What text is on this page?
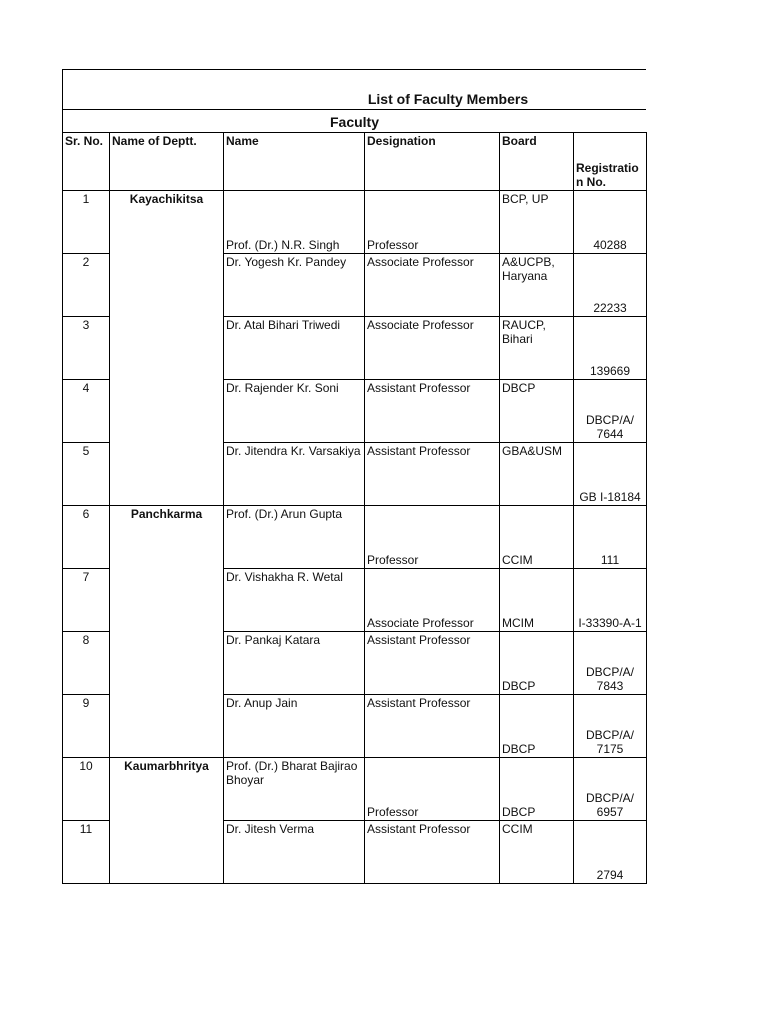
List of Faculty Members
Faculty
Sr. No.	Name of Deptt.	Name	Designation	Board	Registratio n No.
1	Kayachikitsa	Prof. (Dr.) N.R. Singh	Professor	BCP, UP	40288
2		Dr. Yogesh Kr. Pandey	Associate Professor	A&UCPB, Haryana	22233
3		Dr. Atal Bihari Triwedi	Associate Professor	RAUCP, Bihari	139669
4		Dr. Rajender Kr. Soni	Assistant Professor	DBCP	DBCP/A/ 7644
5		Dr. Jitendra Kr. Varsakiya	Assistant Professor	GBA&USM	GB I-18184
6	Panchkarma	Prof. (Dr.) Arun Gupta	Professor	CCIM	111
7		Dr. Vishakha R. Wetal	Associate Professor	MCIM	I-33390-A-1
8		Dr. Pankaj Katara	Assistant Professor	DBCP	DBCP/A/ 7843
9		Dr. Anup Jain	Assistant Professor	DBCP	DBCP/A/ 7175
10	Kaumarbhritya	Prof. (Dr.) Bharat Bajirao Bhoyar	Professor	DBCP	DBCP/A/ 6957
11		Dr. Jitesh Verma	Assistant Professor	CCIM	2794
